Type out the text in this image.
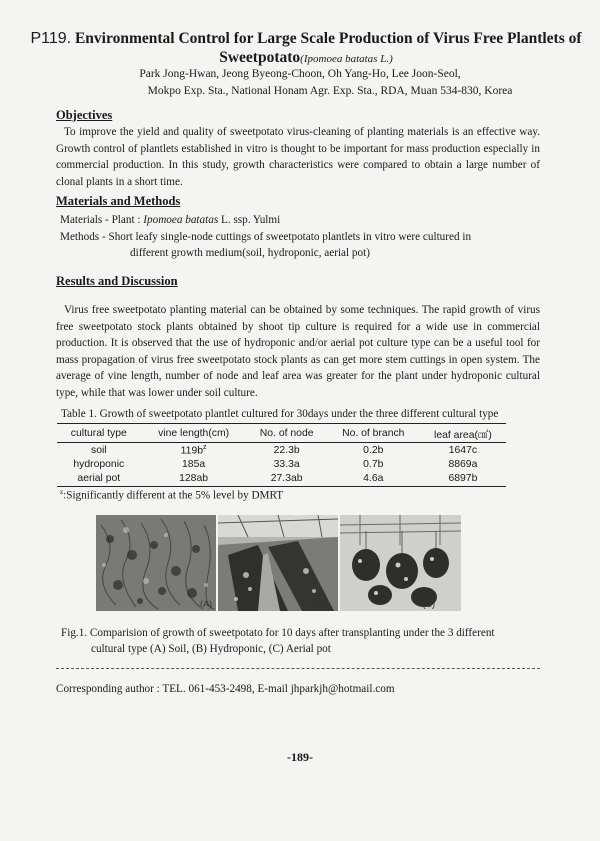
P119. Environmental Control for Large Scale Production of Virus Free Plantlets of
Sweetpotato(Ipomoea batatas L.)
Park Jong-Hwan, Jeong Byeong-Choon, Oh Yang-Ho, Lee Joon-Seol,
Mokpo Exp. Sta., National Honam Agr. Exp. Sta., RDA, Muan 534-830, Korea
Objectives
To improve the yield and quality of sweetpotato virus-cleaning of planting materials is an effective way. Growth control of plantlets established in vitro is thought to be important for mass production especially in commercial production. In this study, growth characteristics were compared to obtain a large number of clonal plants in a short time.
Materials and Methods
Materials - Plant : Ipomoea batatas L. ssp. Yulmi
Methods - Short leafy single-node cuttings of sweetpotato plantlets in vitro were cultured in
different growth medium(soil, hydroponic, aerial pot)
Results and Discussion
Virus free sweetpotato planting material can be obtained by some techniques. The rapid growth of virus free sweetpotato stock plants obtained by shoot tip culture is required for a wide use in commercial production. It is observed that the use of hydroponic and/or aerial pot culture type can be a useful tool for mass propagation of virus free sweetpotato stock plants as can get more stem cuttings in open system. The average of vine length, number of node and leaf area was greater for the plant under hydroponic cultural type, while that was lower under soil culture.
Table 1. Growth of sweetpotato plantlet cultured for 30days under the three different cultural type
cultural type	vine length(cm)	No. of node	No. of branch	leaf area(㎠)
soil	$119b^z$	22.3b	0.2b	1647c
hydroponic	185a	33.3a	0.7b	8869a
aerial pot	128ab	27.3ab	4.6a	6897b
$^z$:Significantly different at the 5% level by DMRT
(A)	(B)	(C)
Fig.1. Comparision of growth of sweetpotato for 10 days after transplanting under the 3 different
cultural type (A) Soil, (B) Hydroponic, (C) Aerial pot
Corresponding author : TEL. 061-453-2498, E-mail jhparkjh@hotmail.com
-189-
